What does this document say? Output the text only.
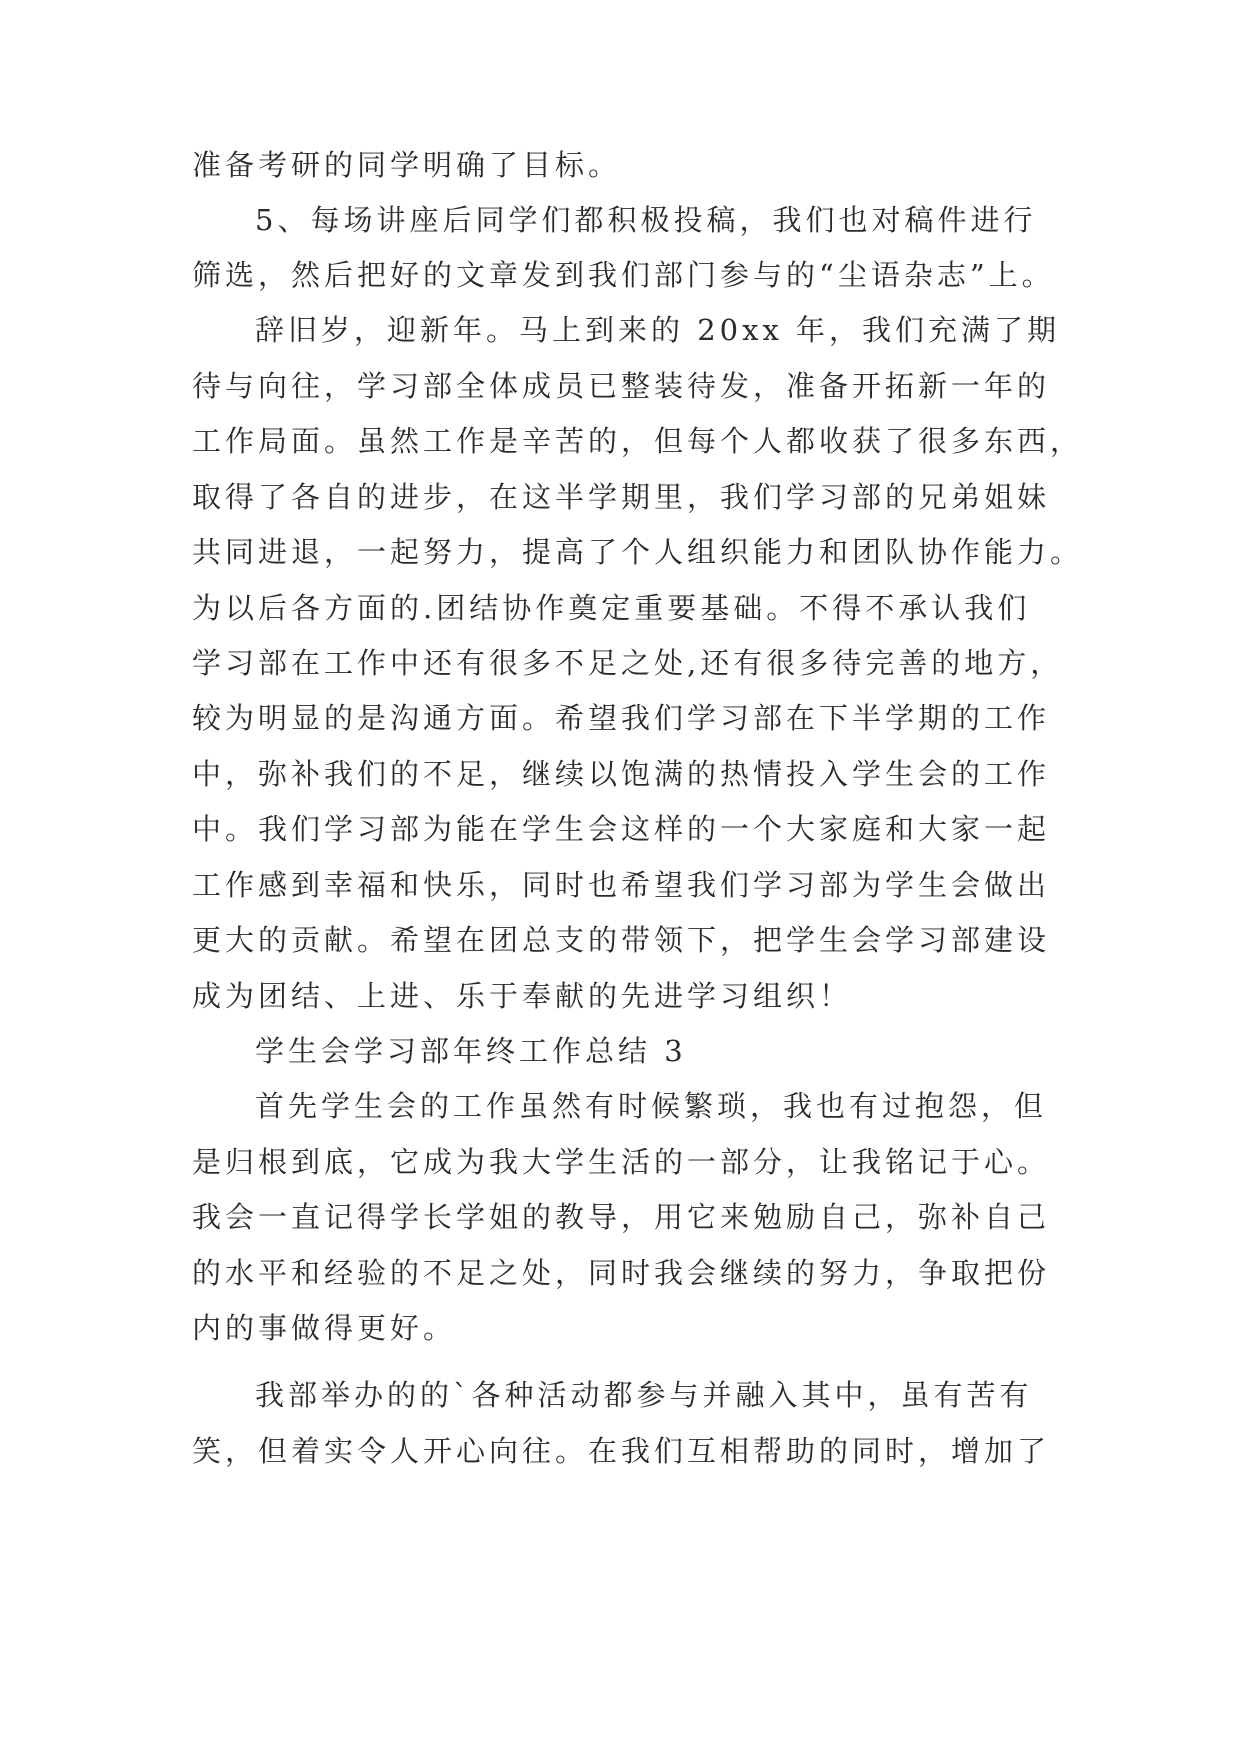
准备考研的同学明确了目标。
5、每场讲座后同学们都积极投稿，我们也对稿件进行
筛选，然后把好的文章发到我们部门参与的“尘语杂志”上。
辞旧岁，迎新年。马上到来的 20xx 年，我们充满了期
待与向往，学习部全体成员已整装待发，准备开拓新一年的
工作局面。虽然工作是辛苦的，但每个人都收获了很多东西，
取得了各自的进步，在这半学期里，我们学习部的兄弟姐妹
共同进退，一起努力，提高了个人组织能力和团队协作能力。
为以后各方面的.团结协作奠定重要基础。不得不承认我们
学习部在工作中还有很多不足之处,还有很多待完善的地方，
较为明显的是沟通方面。希望我们学习部在下半学期的工作
中，弥补我们的不足，继续以饱满的热情投入学生会的工作
中。我们学习部为能在学生会这样的一个大家庭和大家一起
工作感到幸福和快乐，同时也希望我们学习部为学生会做出
更大的贡献。希望在团总支的带领下，把学生会学习部建设
成为团结、上进、乐于奉献的先进学习组织！
学生会学习部年终工作总结 3
首先学生会的工作虽然有时候繁琐，我也有过抱怨，但
是归根到底，它成为我大学生活的一部分，让我铭记于心。
我会一直记得学长学姐的教导，用它来勉励自己，弥补自己
的水平和经验的不足之处，同时我会继续的努力，争取把份
内的事做得更好。
我部举办的的`各种活动都参与并融入其中，虽有苦有
笑，但着实令人开心向往。在我们互相帮助的同时，增加了
